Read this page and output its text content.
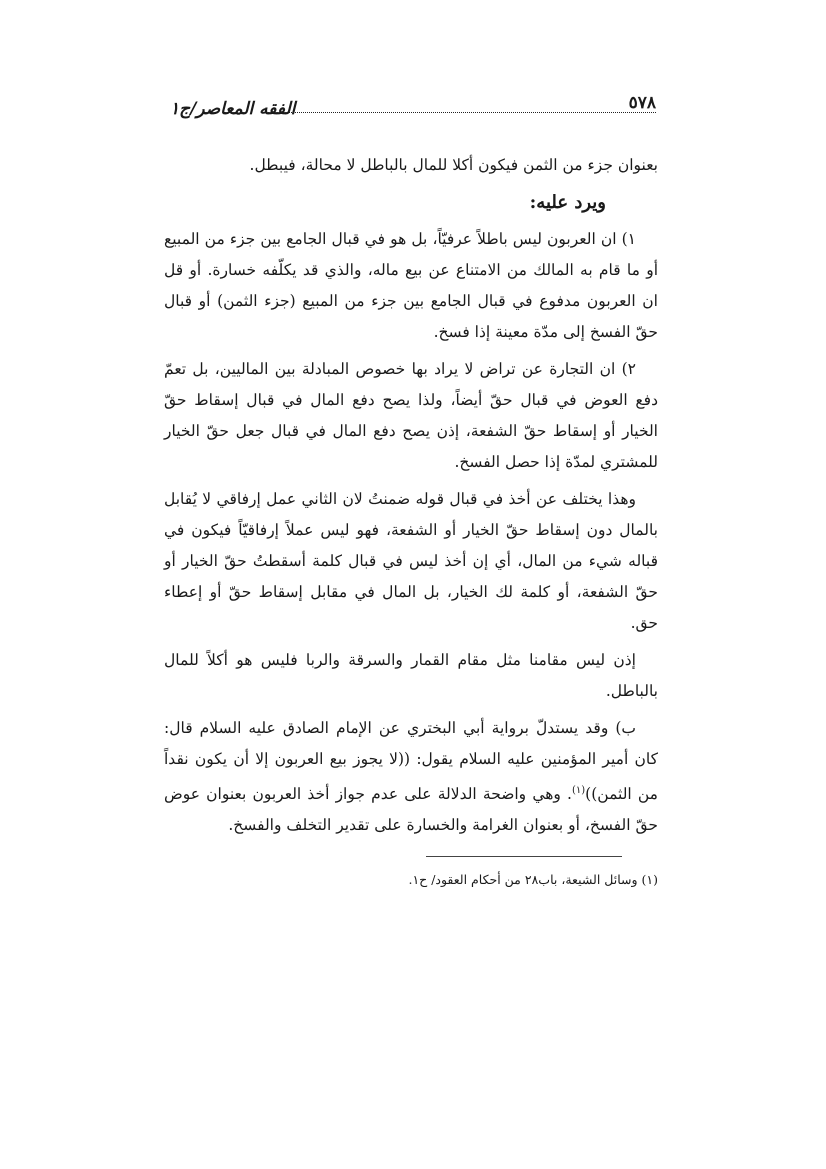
٥٧٨
الفقه المعاصر/ج١

بعنوان جزء من الثمن فيكون أكلا للمال بالباطل لا محالة، فيبطل.

ويرد عليه:

١) ان العربون ليس باطلاً عرفيّاً، بل هو في قبال الجامع بين جزء من المبيع أو ما قام به المالك من الامتناع عن بيع ماله، والذي قد يكلّفه خسارة. أو قل ان العربون مدفوع في قبال الجامع بين جزء من المبيع (جزء الثمن) أو قبال حقّ الفسخ إلى مدّة معينة إذا فسخ.

٢) ان التجارة عن تراض لا يراد بها خصوص المبادلة بين الماليين، بل تعمّ دفع العوض في قبال حقّ أيضاً، ولذا يصح دفع المال في قبال إسقاط حقّ الخيار أو إسقاط حقّ الشفعة، إذن يصح دفع المال في قبال جعل حقّ الخيار للمشتري لمدّة إذا حصل الفسخ.

وهذا يختلف عن أخذ في قبال قوله ضمنتُ لان الثاني عمل إرفاقي لا يُقابل بالمال دون إسقاط حقّ الخيار أو الشفعة، فهو ليس عملاً إرفاقيّاً فيكون في قباله شيء من المال، أي إن أخذ ليس في قبال كلمة أسقطتُ حقّ الخيار أو حقّ الشفعة، أو كلمة لك الخيار، بل المال في مقابل إسقاط حقّ أو إعطاء حق.

إذن ليس مقامنا مثل مقام القمار والسرقة والربا فليس هو أكلاً للمال بالباطل.

ب) وقد يستدلّ برواية أبي البختري عن الإمام الصادق عليه السلام قال: كان أمير المؤمنين عليه السلام يقول: ((لا يجوز بيع العربون إلا أن يكون نقداً من الثمن))$^{(١)}$. وهي واضحة الدلالة على عدم جواز أخذ العربون بعنوان عوض حقّ الفسخ، أو بعنوان الغرامة والخسارة على تقدير التخلف والفسخ.

(١) وسائل الشيعة، باب٢٨ من أحكام العقود/ ح١.
